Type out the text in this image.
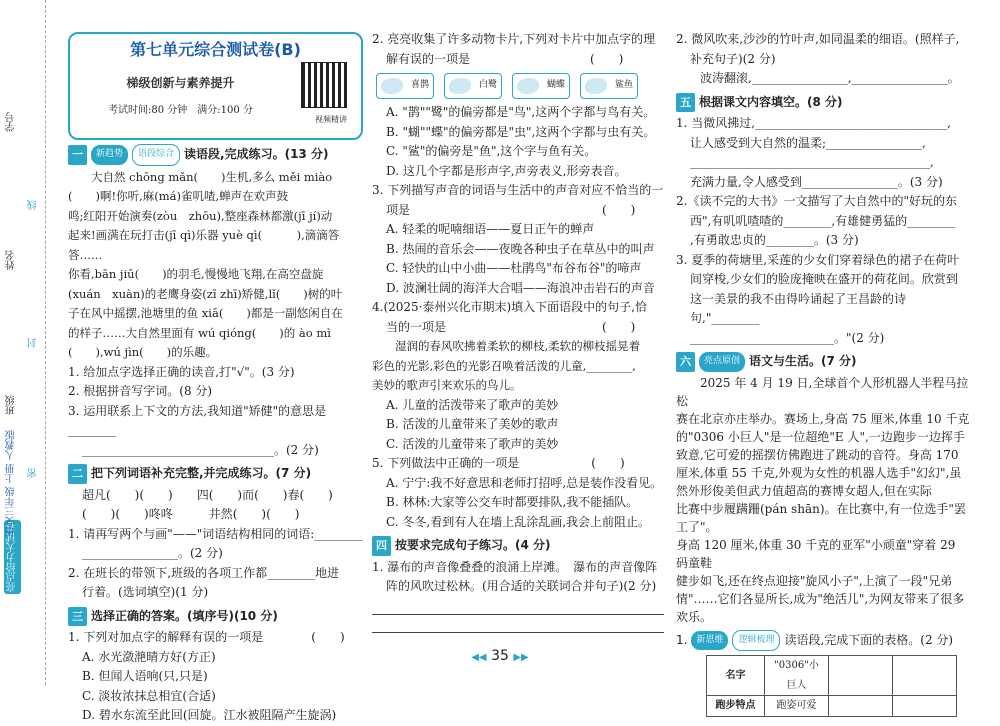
学号
姓名
班级
线
封
密
亮点给力大试卷
语文三年级 上册 人教版
第七单元综合测试卷(B)
梯级创新与素养提升
考试时间:80 分钟　满分:100 分
视频精讲
一	新趋势	语段综合 读语段,完成练习。(13 分)

大自然 chōng mǎn(　　)生机,多么 měi miào

(　　)啊!你听,麻(má)雀叽喳,蝉声在欢声鼓

鸣;红阳开始演奏(zòu　zhōu),整座森林都激(jī jí)动

起来!画满在玩打击(jī qì)乐器 yuè qì(　　　),滴滴答答……

你看,bān jiū(　　)的羽毛,慢慢地飞翔,在高空盘旋

(xuán　xuàn)的老鹰身姿(zī zhī)矫健,lǐ(　　)树的叶

子在风中摇摆,池塘里的鱼 xiā(　　)都是一副悠闲自在

的样子……大自然里面有 wú qióng(　　)的 ào mì

(　　),wú jìn(　　)的乐趣。

1. 给加点字选择正确的读音,打"√"。(3 分)

2. 根据拼音写字词。(8 分)

3. 运用联系上下文的方法,我知道"矫健"的意思是________

________________________________。(2 分)

二 把下列词语补充完整,并完成练习。(7 分)

超凡(　　)(　　)　　四(　　)而(　　)春(　　)

(　　)(　　)咚咚　　　井然(　　)(　　)

1. 请再写两个与画"——"词语结构相同的词语:________

________________。(2 分)

2. 在班长的带领下,班级的各项工作都________地进

行着。(选词填空)(1 分)

三 选择正确的答案。(填序号)(10 分)

1. 下列对加点字的解释有误的一项是　　　　(　　)

A. 水光潋滟晴方好(方正)

B. 但闻人语响(只,只是)

C. 淡妆浓抹总相宜(合适)

D. 碧水东流至此回(回旋。江水被阻隔产生旋涡)

2. 亮亮收集了许多动物卡片,下列对卡片中加点字的理

解有误的一项是　　　　　　　　　　(　　)

喜鹊	白鹭	蝴蝶	鲨鱼

A. "鹊""鹭"的偏旁都是"鸟",这两个字都与鸟有关。

B. "蝴""蝶"的偏旁都是"虫",这两个字都与虫有关。

C. "鲨"的偏旁是"鱼",这个字与鱼有关。

D. 这几个字都是形声字,声旁表义,形旁表音。

3. 下列描写声音的词语与生活中的声音对应不恰当的一

项是　　　　　　　　　　　　　　　　(　　)

A. 轻柔的呢喃细语——夏日正午的蝉声

B. 热闹的音乐会——夜晚各种虫子在草丛中的叫声

C. 轻快的山中小曲——杜鹃鸟"布谷布谷"的啼声

D. 波澜壮阔的海洋大合唱——海浪冲击岩石的声音

4.(2025·泰州兴化市期末)填入下面语段中的句子,恰

当的一项是　　　　　　　　　　　　　(　　)

湿润的春风吹拂着柔软的柳枝,柔软的柳枝摇晃着

彩色的光影,彩色的光影召唤着活泼的儿童,________,

美妙的歌声引来欢乐的鸟儿。

A. 儿童的活泼带来了歌声的美妙

B. 活泼的儿童带来了美妙的歌声

C. 活泼的儿童带来了歌声的美妙

5. 下列做法中正确的一项是　　　　　　(　　)

A. 宁宁:我不好意思和老师打招呼,总是装作没看见。

B. 林林:大家等公交车时都要排队,我不能插队。

C. 冬冬,看到有人在墙上乱涂乱画,我会上前阻止。

四 按要求完成句子练习。(4 分)

1. 瀑布的声音像叠叠的浪涌上岸滩。　瀑布的声音像阵

阵的风吹过松林。(用合适的关联词合并句子)(2 分)

2. 微风吹来,沙沙的竹叶声,如同温柔的细语。(照样子,

补充句子)(2 分)

波涛翻滚,________________,________________。

五 根据课文内容填空。(8 分)

1. 当微风拂过,________________________________,

让人感受到大自然的温柔;________________,

________________________________________,

充满力量,令人感受到________________。(3 分)

2.《读不完的大书》一文描写了大自然中的"好玩的东

西",有叽叽喳喳的________,有雄健勇猛的________

,有勇敢忠贞的________。(3 分)

3. 夏季的荷塘里,采莲的少女们穿着绿色的裙子在荷叶

间穿梭,少女们的脸庞掩映在盛开的荷花间。欣赏到

这一美景的我不由得吟诵起了王昌龄的诗句,"________

________________________。"(2 分)

六	亮点原创 语文与生活。(7 分)

2025 年 4 月 19 日,全球首个人形机器人半程马拉松

赛在北京亦庄举办。赛场上,身高 75 厘米,体重 10 千克

的"0306 小巨人"是一位超绝"E 人",一边跑步一边挥手

致意,它可爱的摇摆仿佛跑进了跳动的音符。身高 170

厘米,体重 55 千克,外观为女性的机器人选手"幻幻",虽

然外形俊美但武力值超高的赛博女超人,但在实际

比赛中步履蹒跚(pán shān)。在比赛中,有一位选手"罢工了"。

身高 120 厘米,体重 30 千克的亚军"小顽童"穿着 29 码童鞋

健步如飞,还在终点迎接"旋风小子",上演了一段"兄弟

情"……它们各显所长,成为"绝活儿",为网友带来了很多

欢乐。

1.	新思维	逻辑梳理 读语段,完成下面的表格。(2 分)
名字	"0306"小巨人		
跑步特点	跑姿可爱		
◀◀ 35 ▶▶
